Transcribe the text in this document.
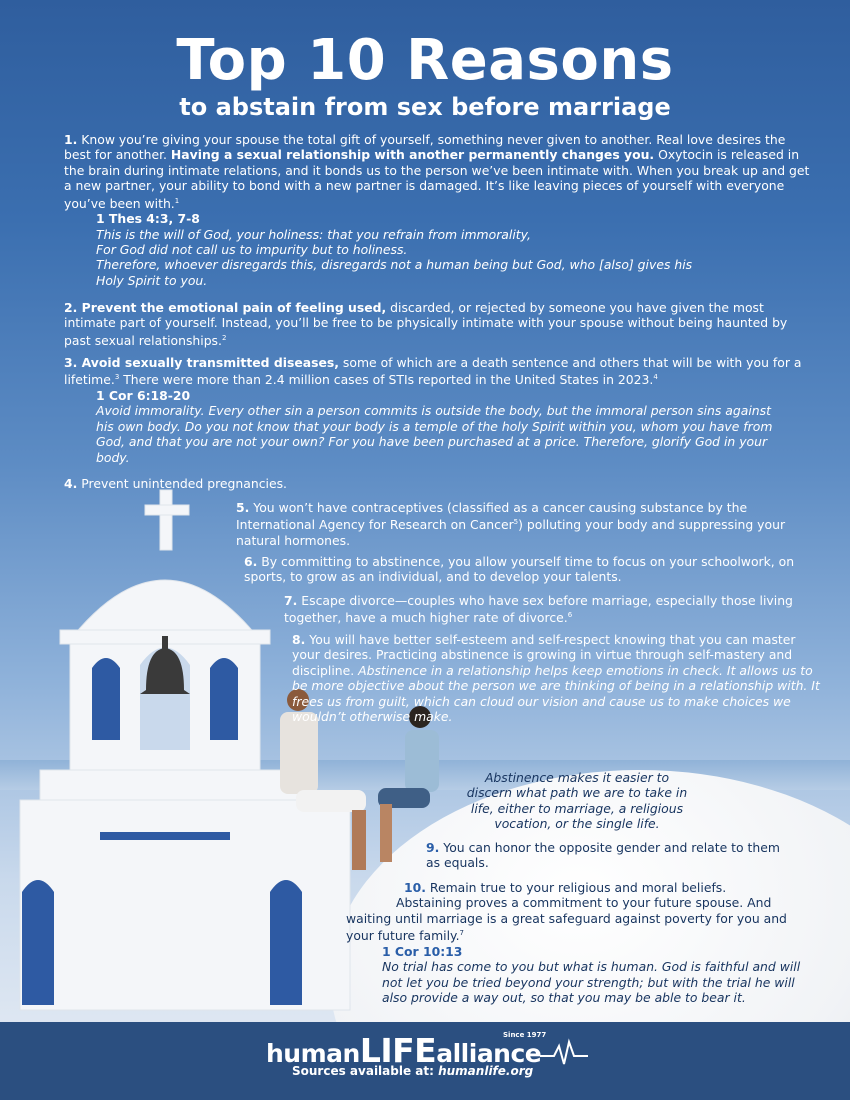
Top 10 Reasons
to abstain from sex before marriage
1. Know you’re giving your spouse the total gift of yourself, something never given to another. Real love desires the best for another. Having a sexual relationship with another permanently changes you. Oxytocin is released in the brain during intimate relations, and it bonds us to the person we’ve been intimate with. When you break up and get a new partner, your ability to bond with a new partner is damaged. It’s like leaving pieces of yourself with everyone you’ve been with.$^1$
1 Thes 4:3, 7-8
This is the will of God, your holiness: that you refrain from immorality,
For God did not call us to impurity but to holiness.
Therefore, whoever disregards this, disregards not a human being but God, who [also] gives his
Holy Spirit to you.
2. Prevent the emotional pain of feeling used, discarded, or rejected by someone you have given the most intimate part of yourself. Instead, you’ll be free to be physically intimate with your spouse without being haunted by past sexual relationships.$^2$
3. Avoid sexually transmitted diseases, some of which are a death sentence and others that will be with you for a lifetime.$^3$ There were more than 2.4 million cases of STIs reported in the United States in 2023.$^4$
1 Cor 6:18-20
Avoid immorality. Every other sin a person commits is outside the body, but the immoral person sins against his own body. Do you not know that your body is a temple of the holy Spirit within you, whom you have from God, and that you are not your own? For you have been purchased at a price. Therefore, glorify God in your body.
4. Prevent unintended pregnancies.
5. You won’t have contraceptives (classified as a cancer causing substance by the International Agency for Research on Cancer$^5$) polluting your body and suppressing your natural hormones.
6. By committing to abstinence, you allow yourself time to focus on your schoolwork, on sports, to grow as an individual, and to develop your talents.
7. Escape divorce—couples who have sex before marriage, especially those living together, have a much higher rate of divorce.$^6$
8. You will have better self-esteem and self-respect knowing that you can master your desires. Practicing abstinence is growing in virtue through self-mastery and discipline. Abstinence in a relationship helps keep emotions in check. It allows us to be more objective about the person we are thinking of being in a relationship with. It frees us from guilt, which can cloud our vision and cause us to make choices we wouldn’t otherwise make.
Abstinence makes it easier to discern what path we are to take in life, either to marriage, a religious vocation, or the single life.
9. You can honor the opposite gender and relate to them as equals.
10. Remain true to your religious and moral beliefs.
Abstaining proves a commitment to your future spouse. And waiting until marriage is a great safeguard against poverty for you and your future family.$^7$
1 Cor 10:13
No trial has come to you but what is human. God is faithful and will not let you be tried beyond your strength; but with the trial he will also provide a way out, so that you may be able to bear it.
humanLIFEalliance
Since 1977
Sources available at: humanlife.org
